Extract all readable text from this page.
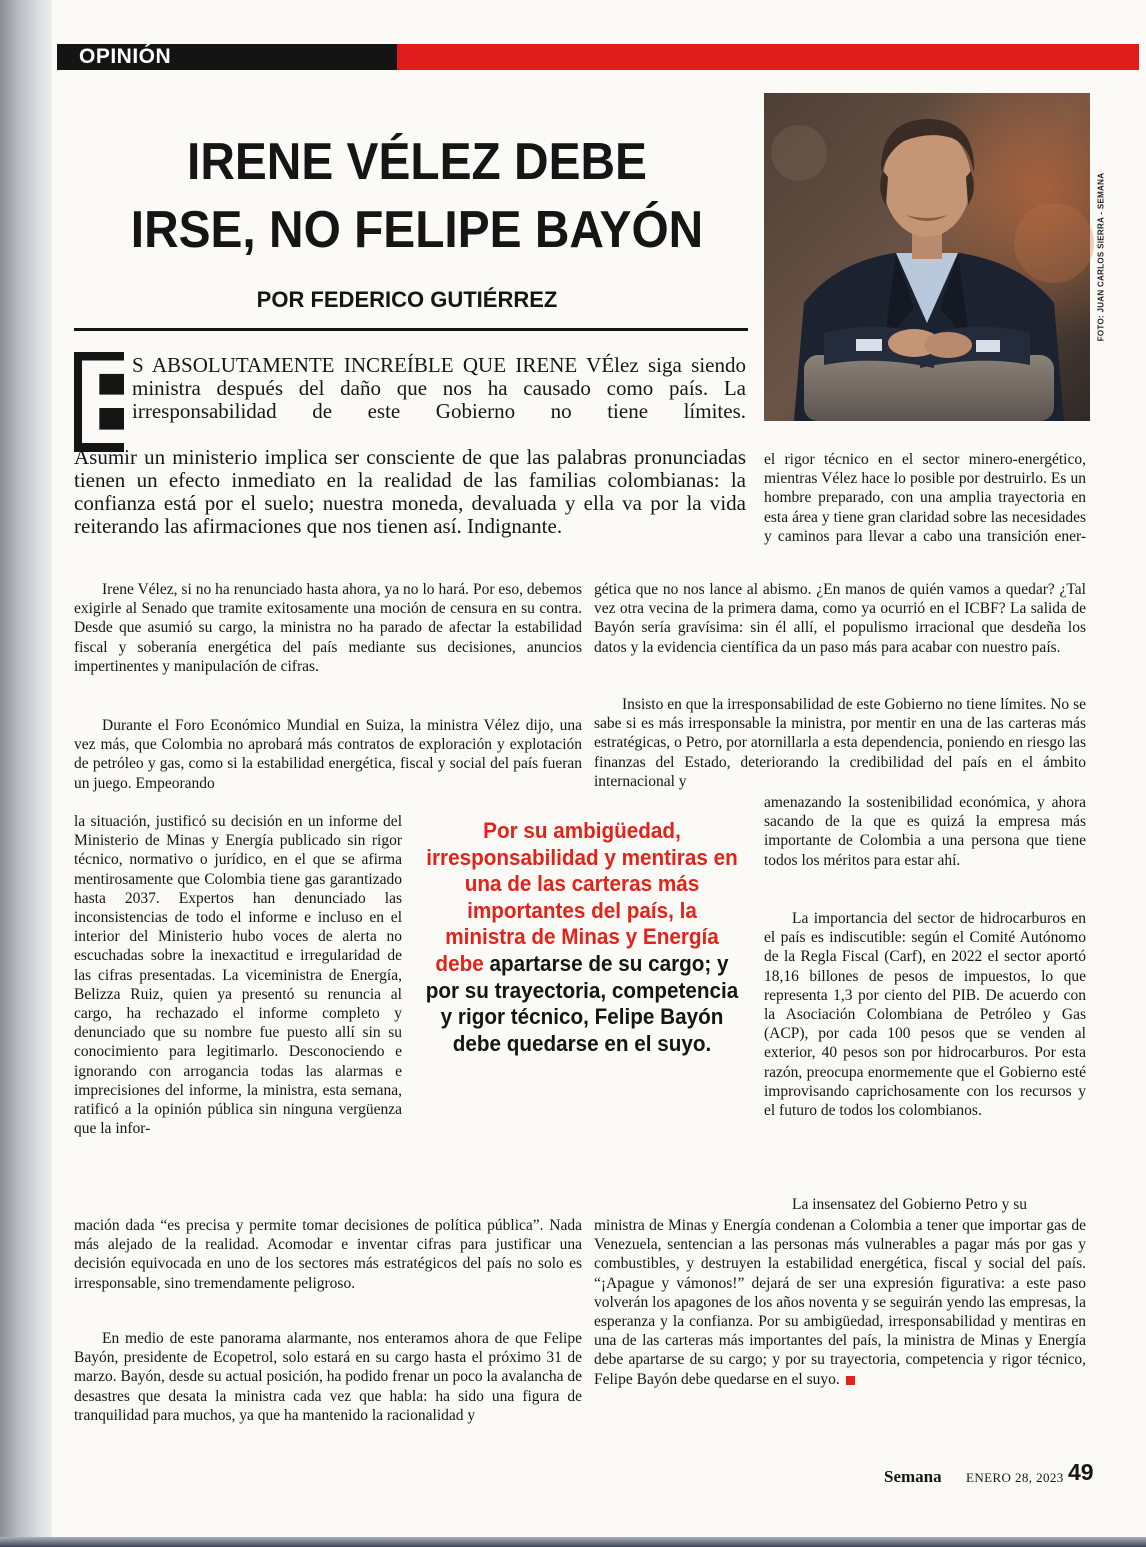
OPINIÓN
IRENE VÉLEZ DEBE
IRSE, NO FELIPE BAYÓN
POR FEDERICO GUTIÉRREZ	FOTO: JUAN CARLOS SIERRA - SEMANA
E

S ABSOLUTAMENTE INCREÍBLE QUE IRENE VÉlez siga siendo ministra después del daño que nos ha causado como país. La irresponsabilidad de este Gobierno no tiene límites.

Asumir un ministerio implica ser consciente de que las palabras pronunciadas tienen un efecto inmediato en la realidad de las familias colombianas: la confianza está por el suelo; nuestra moneda, devaluada y ella va por la vida reiterando las afirmaciones que nos tienen así. Indignante.

el rigor técnico en el sector minero-energético, mientras Vélez hace lo posible por destruirlo. Es un hombre preparado, con una amplia trayectoria en esta área y tiene gran claridad sobre las necesidades y caminos para llevar a cabo una transición ener-

Irene Vélez, si no ha renunciado hasta ahora, ya no lo hará. Por eso, debemos exigirle al Senado que tramite exitosamente una moción de censura en su contra. Desde que asumió su cargo, la ministra no ha parado de afectar la estabilidad fiscal y soberanía energética del país mediante sus decisiones, anuncios impertinentes y manipulación de cifras.

Durante el Foro Económico Mundial en Suiza, la ministra Vélez dijo, una vez más, que Colombia no aprobará más contratos de exploración y explotación de petróleo y gas, como si la estabilidad energética, fiscal y social del país fueran un juego. Empeorando

la situación, justificó su decisión en un informe del Ministerio de Minas y Energía publicado sin rigor técnico, normativo o jurídico, en el que se afirma mentirosamente que Colombia tiene gas garantizado hasta 2037. Expertos han denunciado las inconsistencias de todo el informe e incluso en el interior del Ministerio hubo voces de alerta no escuchadas sobre la inexactitud e irregularidad de las cifras presentadas. La viceministra de Energía, Belizza Ruiz, quien ya presentó su renuncia al cargo, ha rechazado el informe completo y denunciado que su nombre fue puesto allí sin su conocimiento para legitimarlo. Desconociendo e ignorando con arrogancia todas las alarmas e imprecisiones del informe, la ministra, esta semana, ratificó a la opinión pública sin ninguna vergüenza que la infor-

mación dada “es precisa y permite tomar decisiones de política pública”. Nada más alejado de la realidad. Acomodar e inventar cifras para justificar una decisión equivocada en uno de los sectores más estratégicos del país no solo es irresponsable, sino tremendamente peligroso.

En medio de este panorama alarmante, nos enteramos ahora de que Felipe Bayón, presidente de Ecopetrol, solo estará en su cargo hasta el próximo 31 de marzo. Bayón, desde su actual posición, ha podido frenar un poco la avalancha de desastres que desata la ministra cada vez que habla: ha sido una figura de tranquilidad para muchos, ya que ha mantenido la racionalidad y

gética que no nos lance al abismo. ¿En manos de quién vamos a quedar? ¿Tal vez otra vecina de la primera dama, como ya ocurrió en el ICBF? La salida de Bayón sería gravísima: sin él allí, el populismo irracional que desdeña los datos y la evidencia científica da un paso más para acabar con nuestro país.

Insisto en que la irresponsabilidad de este Gobierno no tiene límites. No se sabe si es más irresponsable la ministra, por mentir en una de las carteras más estratégicas, o Petro, por atornillarla a esta dependencia, poniendo en riesgo las finanzas del Estado, deteriorando la credibilidad del país en el ámbito internacional y

amenazando la sostenibilidad económica, y ahora sacando de la que es quizá la empresa más importante de Colombia a una persona que tiene todos los méritos para estar ahí.

La importancia del sector de hidrocarburos en el país es indiscutible: según el Comité Autónomo de la Regla Fiscal (Carf), en 2022 el sector aportó 18,16 billones de pesos de impuestos, lo que representa 1,3 por ciento del PIB. De acuerdo con la Asociación Colombiana de Petróleo y Gas (ACP), por cada 100 pesos que se venden al exterior, 40 pesos son por hidrocarburos. Por esta razón, preocupa enormemente que el Gobierno esté improvisando caprichosamente con los recursos y el futuro de todos los colombianos.

La insensatez del Gobierno Petro y su

ministra de Minas y Energía condenan a Colombia a tener que importar gas de Venezuela, sentencian a las personas más vulnerables a pagar más por gas y combustibles, y destruyen la estabilidad energética, fiscal y social del país. “¡Apague y vámonos!” dejará de ser una expresión figurativa: a este paso volverán los apagones de los años noventa y se seguirán yendo las empresas, la esperanza y la confianza. Por su ambigüedad, irresponsabilidad y mentiras en una de las carteras más importantes del país, la ministra de Minas y Energía debe apartarse de su cargo; y por su trayectoria, competencia y rigor técnico, Felipe Bayón debe quedarse en el suyo.

Por su ambigüedad, irresponsabilidad y mentiras en una de las carteras más importantes del país, la ministra de Minas y Energía debe apartarse de su cargo; y por su trayectoria, competencia y rigor técnico, Felipe Bayón debe quedarse en el suyo.

Semana ENERO 28, 2023 49
